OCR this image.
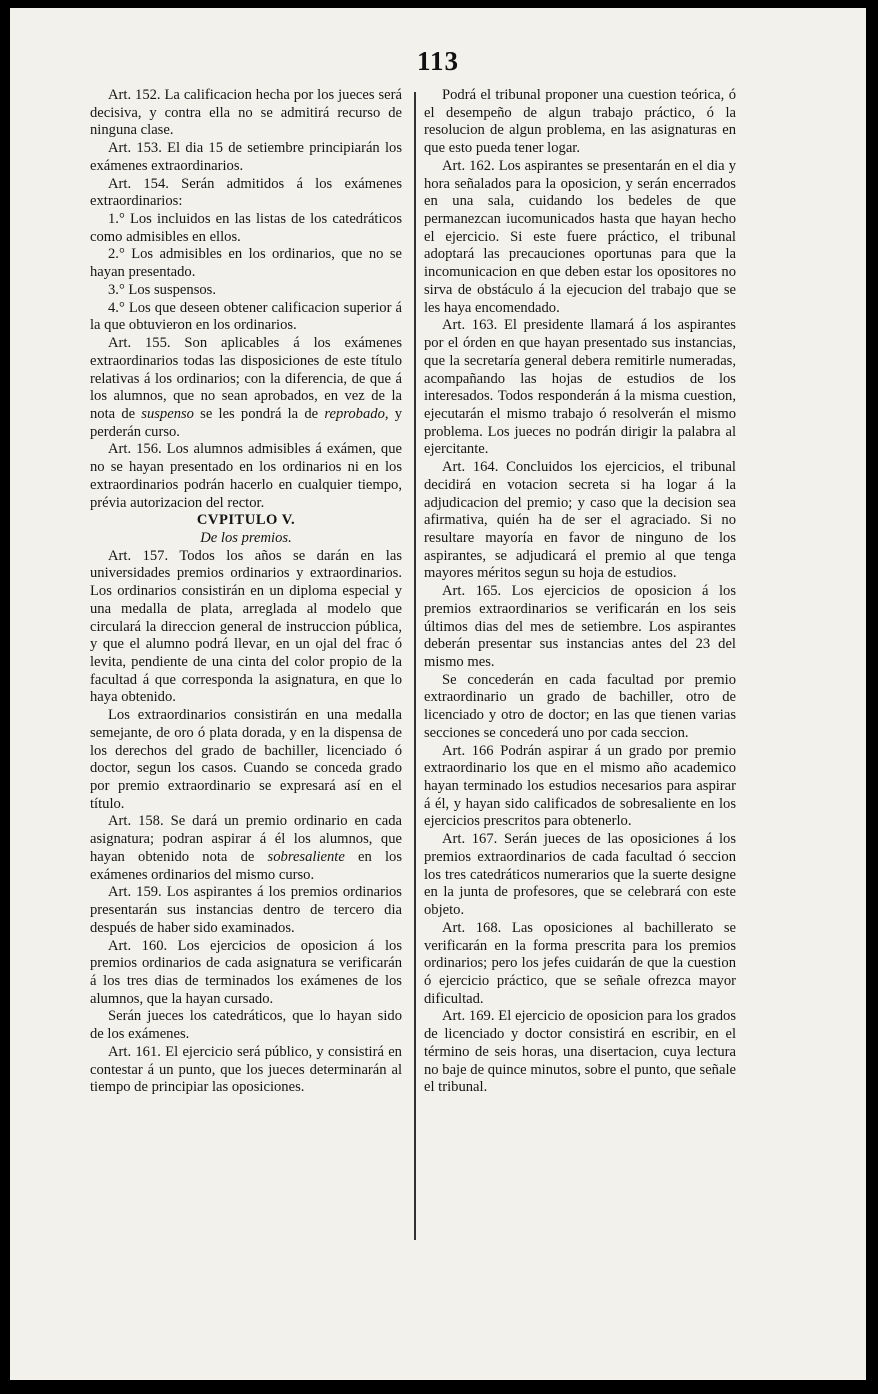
113

Art. 152. La calificacion hecha por los jueces será decisiva, y contra ella no se admitirá recurso de ninguna clase.

Art. 153. El dia 15 de setiembre principiarán los exámenes extraordinarios.

Art. 154. Serán admitidos á los exámenes extraordinarios:

1.° Los incluidos en las listas de los catedráticos como admisibles en ellos.

2.° Los admisibles en los ordinarios, que no se hayan presentado.

3.° Los suspensos.

4.° Los que deseen obtener calificacion superior á la que obtuvieron en los ordinarios.

Art. 155. Son aplicables á los exámenes extraordinarios todas las disposiciones de este título relativas á los ordinarios; con la diferencia, de que á los alumnos, que no sean aprobados, en vez de la nota de suspenso se les pondrá la de reprobado, y perderán curso.

Art. 156. Los alumnos admisibles á exámen, que no se hayan presentado en los ordinarios ni en los extraordinarios podrán hacerlo en cualquier tiempo, prévia autorizacion del rector.

CVPITULO V.

De los premios.

Art. 157. Todos los años se darán en las universidades premios ordinarios y extraordinarios. Los ordinarios consistirán en un diploma especial y una medalla de plata, arreglada al modelo que circulará la direccion general de instruccion pública, y que el alumno podrá llevar, en un ojal del frac ó levita, pendiente de una cinta del color propio de la facultad á que corresponda la asignatura, en que lo haya obtenido.

Los extraordinarios consistirán en una medalla semejante, de oro ó plata dorada, y en la dispensa de los derechos del grado de bachiller, licenciado ó doctor, segun los casos. Cuando se conceda grado por premio extraordinario se expresará así en el título.

Art. 158. Se dará un premio ordinario en cada asignatura; podran aspirar á él los alumnos, que hayan obtenido nota de sobresaliente en los exámenes ordinarios del mismo curso.

Art. 159. Los aspirantes á los premios ordinarios presentarán sus instancias dentro de tercero dia después de haber sido examinados.

Art. 160. Los ejercicios de oposicion á los premios ordinarios de cada asignatura se verificarán á los tres dias de terminados los exámenes de los alumnos, que la hayan cursado.

Serán jueces los catedráticos, que lo hayan sido de los exámenes.

Art. 161. El ejercicio será público, y consistirá en contestar á un punto, que los jueces determinarán al tiempo de principiar las oposiciones.

Podrá el tribunal proponer una cuestion teórica, ó el desempeño de algun trabajo práctico, ó la resolucion de algun problema, en las asignaturas en que esto pueda tener logar.

Art. 162. Los aspirantes se presentarán en el dia y hora señalados para la oposicion, y serán encerrados en una sala, cuidando los bedeles de que permanezcan iucomunicados hasta que hayan hecho el ejercicio. Si este fuere práctico, el tribunal adoptará las precauciones oportunas para que la incomunicacion en que deben estar los opositores no sirva de obstáculo á la ejecucion del trabajo que se les haya encomendado.

Art. 163. El presidente llamará á los aspirantes por el órden en que hayan presentado sus instancias, que la secretaría general debera remitirle numeradas, acompañando las hojas de estudios de los interesados. Todos responderán á la misma cuestion, ejecutarán el mismo trabajo ó resolverán el mismo problema. Los jueces no podrán dirigir la palabra al ejercitante.

Art. 164. Concluidos los ejercicios, el tribunal decidirá en votacion secreta si ha logar á la adjudicacion del premio; y caso que la decision sea afirmativa, quién ha de ser el agraciado. Si no resultare mayoría en favor de ninguno de los aspirantes, se adjudicará el premio al que tenga mayores méritos segun su hoja de estudios.

Art. 165. Los ejercicios de oposicion á los premios extraordinarios se verificarán en los seis últimos dias del mes de setiembre. Los aspirantes deberán presentar sus instancias antes del 23 del mismo mes.

Se concederán en cada facultad por premio extraordinario un grado de bachiller, otro de licenciado y otro de doctor; en las que tienen varias secciones se concederá uno por cada seccion.

Art. 166 Podrán aspirar á un grado por premio extraordinario los que en el mismo año academico hayan terminado los estudios necesarios para aspirar á él, y hayan sido calificados de sobresaliente en los ejercicios prescritos para obtenerlo.

Art. 167. Serán jueces de las oposiciones á los premios extraordinarios de cada facultad ó seccion los tres catedráticos numerarios que la suerte designe en la junta de profesores, que se celebrará con este objeto.

Art. 168. Las oposiciones al bachillerato se verificarán en la forma prescrita para los premios ordinarios; pero los jefes cuidarán de que la cuestion ó ejercicio práctico, que se señale ofrezca mayor dificultad.

Art. 169. El ejercicio de oposicion para los grados de licenciado y doctor consistirá en escribir, en el término de seis horas, una disertacion, cuya lectura no baje de quince minutos, sobre el punto, que señale el tribunal.
